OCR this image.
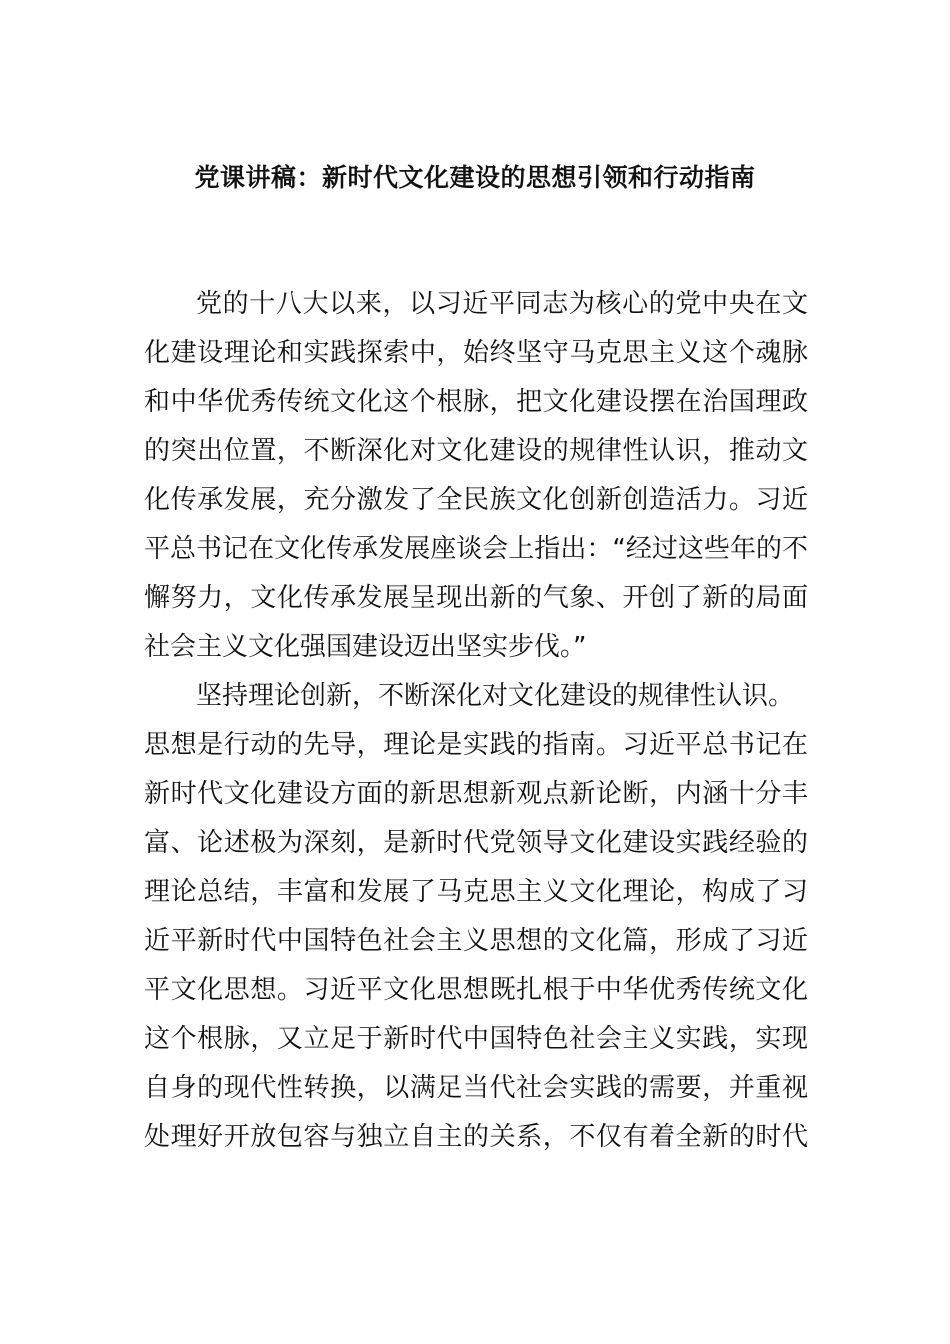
党课讲稿：新时代文化建设的思想引领和行动指南
党的十八大以来，以习近平同志为核心的党中央在文
化建设理论和实践探索中，始终坚守马克思主义这个魂脉
和中华优秀传统文化这个根脉，把文化建设摆在治国理政
的突出位置，不断深化对文化建设的规律性认识，推动文
化传承发展，充分激发了全民族文化创新创造活力。习近
平总书记在文化传承发展座谈会上指出：“经过这些年的不
懈努力，文化传承发展呈现出新的气象、开创了新的局面
社会主义文化强国建设迈出坚实步伐。”
坚持理论创新，不断深化对文化建设的规律性认识。
思想是行动的先导，理论是实践的指南。习近平总书记在
新时代文化建设方面的新思想新观点新论断，内涵十分丰
富、论述极为深刻，是新时代党领导文化建设实践经验的
理论总结，丰富和发展了马克思主义文化理论，构成了习
近平新时代中国特色社会主义思想的文化篇，形成了习近
平文化思想。习近平文化思想既扎根于中华优秀传统文化
这个根脉，又立足于新时代中国特色社会主义实践，实现
自身的现代性转换，以满足当代社会实践的需要，并重视
处理好开放包容与独立自主的关系，不仅有着全新的时代
